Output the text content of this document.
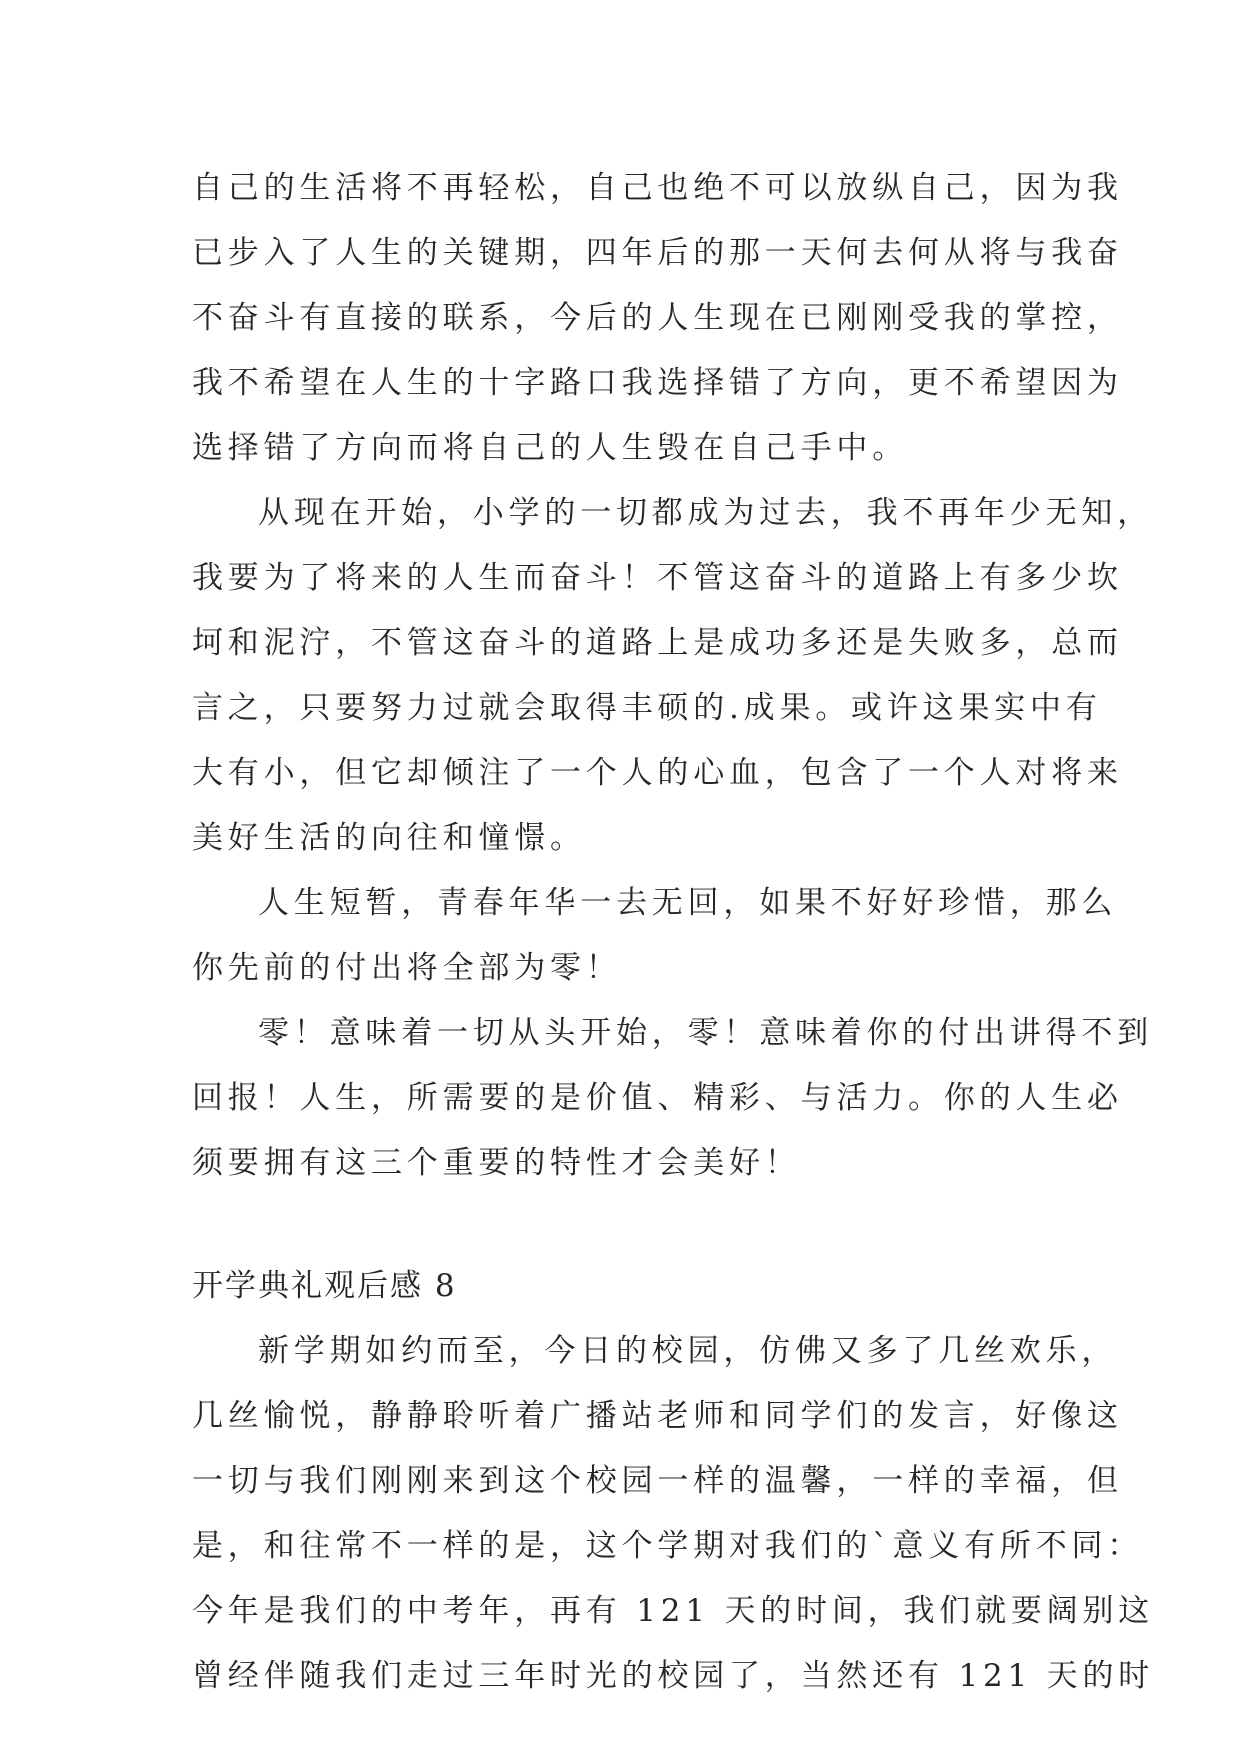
自己的生活将不再轻松，自己也绝不可以放纵自己，因为我
已步入了人生的关键期，四年后的那一天何去何从将与我奋
不奋斗有直接的联系，今后的人生现在已刚刚受我的掌控，
我不希望在人生的十字路口我选择错了方向，更不希望因为
选择错了方向而将自己的人生毁在自己手中。
从现在开始，小学的一切都成为过去，我不再年少无知，
我要为了将来的人生而奋斗！不管这奋斗的道路上有多少坎
坷和泥泞，不管这奋斗的道路上是成功多还是失败多，总而
言之，只要努力过就会取得丰硕的.成果。或许这果实中有
大有小，但它却倾注了一个人的心血，包含了一个人对将来
美好生活的向往和憧憬。
人生短暂，青春年华一去无回，如果不好好珍惜，那么
你先前的付出将全部为零！
零！意味着一切从头开始，零！意味着你的付出讲得不到
回报！人生，所需要的是价值、精彩、与活力。你的人生必
须要拥有这三个重要的特性才会美好！
开学典礼观后感 8
新学期如约而至，今日的校园，仿佛又多了几丝欢乐，
几丝愉悦，静静聆听着广播站老师和同学们的发言，好像这
一切与我们刚刚来到这个校园一样的温馨，一样的幸福，但
是，和往常不一样的是，这个学期对我们的`意义有所不同：
今年是我们的中考年，再有 121 天的时间，我们就要阔别这
曾经伴随我们走过三年时光的校园了，当然还有 121 天的时
